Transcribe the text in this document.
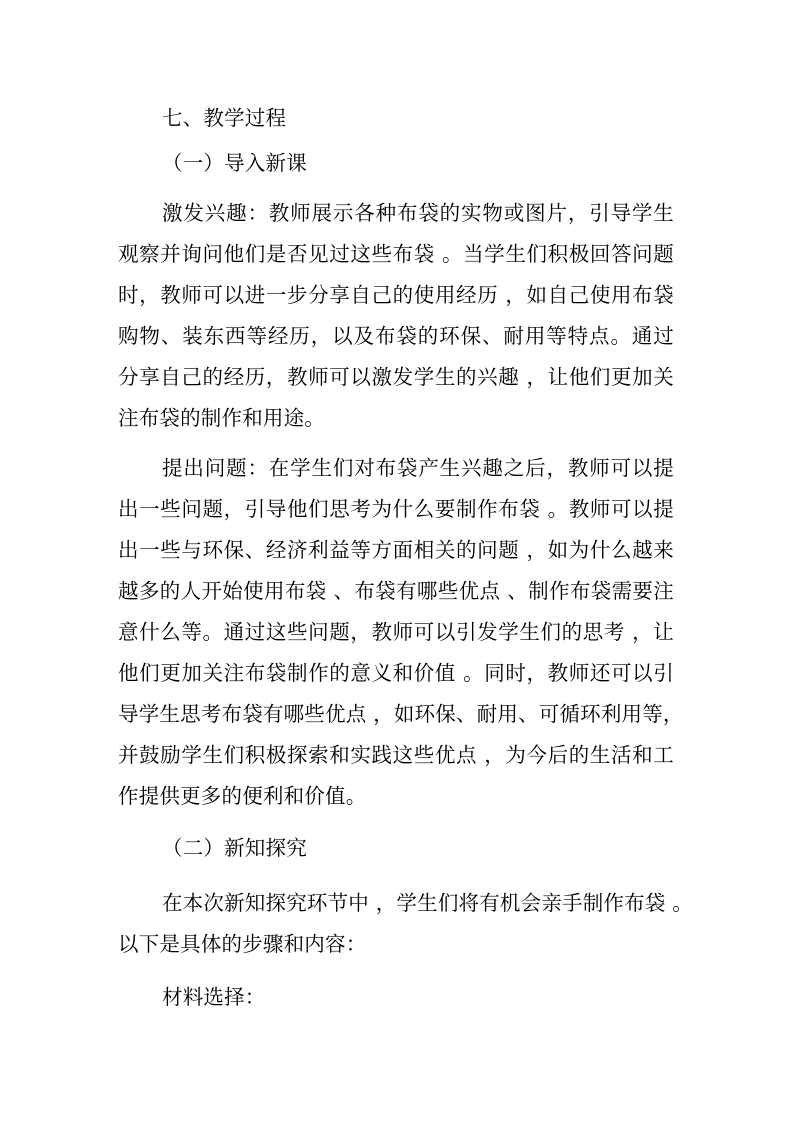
七、教学过程

（一）导入新课

激发兴趣：教师展示各种布袋的实物或图片，引导学生

观察并询问他们是否见过这些布袋 。当学生们积极回答问题

时，教师可以进一步分享自己的使用经历 ，如自己使用布袋

购物、装东西等经历，以及布袋的环保、耐用等特点。通过

分享自己的经历，教师可以激发学生的兴趣 ，让他们更加关

注布袋的制作和用途。

提出问题：在学生们对布袋产生兴趣之后，教师可以提

出一些问题，引导他们思考为什么要制作布袋 。教师可以提

出一些与环保、经济利益等方面相关的问题 ，如为什么越来

越多的人开始使用布袋 、布袋有哪些优点 、制作布袋需要注

意什么等。通过这些问题，教师可以引发学生们的思考 ，让

他们更加关注布袋制作的意义和价值 。同时，教师还可以引

导学生思考布袋有哪些优点 ，如环保、耐用、可循环利用等，

并鼓励学生们积极探索和实践这些优点 ，为今后的生活和工

作提供更多的便利和价值。

（二）新知探究

在本次新知探究环节中 ，学生们将有机会亲手制作布袋 。

以下是具体的步骤和内容：

材料选择：
